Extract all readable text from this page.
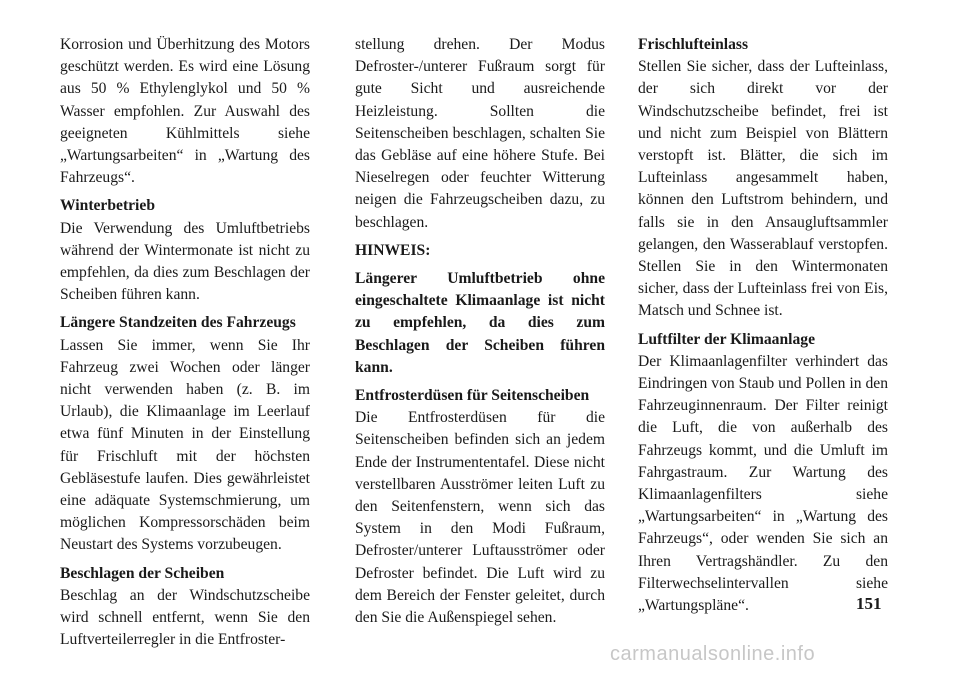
Korrosion und Überhitzung des Motors geschützt werden. Es wird eine Lösung aus 50 % Ethylenglykol und 50 % Wasser empfohlen. Zur Auswahl des geeigneten Kühlmittels siehe „Wartungsarbeiten“ in „Wartung des Fahrzeugs“.

Winterbetrieb
Die Verwendung des Umluftbetriebs während der Wintermonate ist nicht zu empfehlen, da dies zum Beschlagen der Scheiben führen kann.

Längere Standzeiten des Fahrzeugs
Lassen Sie immer, wenn Sie Ihr Fahrzeug zwei Wochen oder länger nicht verwenden haben (z. B. im Urlaub), die Klimaanlage im Leerlauf etwa fünf Minuten in der Einstellung für Frischluft mit der höchsten Gebläsestufe laufen. Dies gewährleistet eine adäquate Systemschmierung, um möglichen Kompressorschäden beim Neustart des Systems vorzubeugen.

Beschlagen der Scheiben
Beschlag an der Windschutzscheibe wird schnell entfernt, wenn Sie den Luftverteilerregler in die Entfroster-

stellung drehen. Der Modus Defroster-/unterer Fußraum sorgt für gute Sicht und ausreichende Heizleistung. Sollten die Seitenscheiben beschlagen, schalten Sie das Gebläse auf eine höhere Stufe. Bei Nieselregen oder feuchter Witterung neigen die Fahrzeugscheiben dazu, zu beschlagen.

HINWEIS:

Längerer Umluftbetrieb ohne eingeschaltete Klimaanlage ist nicht zu empfehlen, da dies zum Beschlagen der Scheiben führen kann.

Entfrosterdüsen für Seitenscheiben
Die Entfrosterdüsen für die Seitenscheiben befinden sich an jedem Ende der Instrumententafel. Diese nicht verstellbaren Ausströmer leiten Luft zu den Seitenfenstern, wenn sich das System in den Modi Fußraum, Defroster/unterer Luftausströmer oder Defroster befindet. Die Luft wird zu dem Bereich der Fenster geleitet, durch den Sie die Außenspiegel sehen.

Frischlufteinlass
Stellen Sie sicher, dass der Lufteinlass, der sich direkt vor der Windschutzscheibe befindet, frei ist und nicht zum Beispiel von Blättern verstopft ist. Blätter, die sich im Lufteinlass angesammelt haben, können den Luftstrom behindern, und falls sie in den Ansaugluftsammler gelangen, den Wasserablauf verstopfen. Stellen Sie in den Wintermonaten sicher, dass der Lufteinlass frei von Eis, Matsch und Schnee ist.

Luftfilter der Klimaanlage
Der Klimaanlagenfilter verhindert das Eindringen von Staub und Pollen in den Fahrzeuginnenraum. Der Filter reinigt die Luft, die von außerhalb des Fahrzeugs kommt, und die Umluft im Fahrgastraum. Zur Wartung des Klimaanlagenfilters siehe „Wartungsarbeiten“ in „Wartung des Fahrzeugs“, oder wenden Sie sich an Ihren Vertragshändler. Zu den Filterwechselintervallen siehe „Wartungspläne“.	151
carmanualsonline.info
